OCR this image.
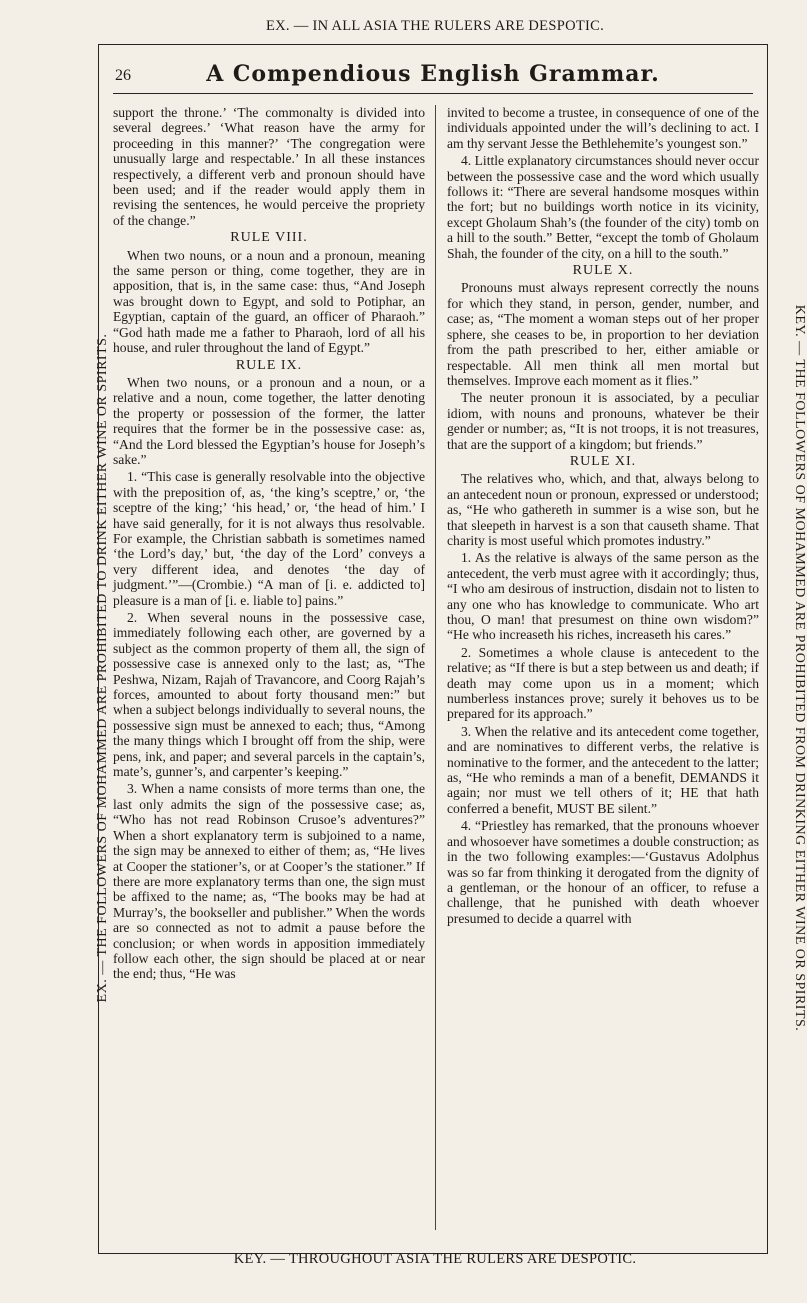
EX. — IN ALL ASIA THE RULERS ARE DESPOTIC.
EX. — THE FOLLOWERS OF MOHAMMED ARE PROHIBITED TO DRINK EITHER WINE OR SPIRITS.	KEY. — THE FOLLOWERS OF MOHAMMED ARE PROHIBITED FROM DRINKING EITHER WINE OR SPIRITS.
26	A Compendious English Grammar.

support the throne.’ ‘The commonalty is divided into several degrees.’ ‘What reason have the army for proceeding in this manner?’ ‘The congregation were unusually large and respectable.’ In all these instances respectively, a different verb and pronoun should have been used; and if the reader would apply them in revising the sentences, he would perceive the propriety of the change.”

RULE VIII.

When two nouns, or a noun and a pronoun, meaning the same person or thing, come together, they are in apposition, that is, in the same case: thus, “And Joseph was brought down to Egypt, and sold to Potiphar, an Egyptian, captain of the guard, an officer of Pharaoh.” “God hath made me a father to Pharaoh, lord of all his house, and ruler throughout the land of Egypt.”

RULE IX.

When two nouns, or a pronoun and a noun, or a relative and a noun, come together, the latter denoting the property or possession of the former, the latter requires that the former be in the possessive case: as, “And the Lord blessed the Egyptian’s house for Joseph’s sake.”

1. “This case is generally resolvable into the objective with the preposition of, as, ‘the king’s sceptre,’ or, ‘the sceptre of the king;’ ‘his head,’ or, ‘the head of him.’ I have said generally, for it is not always thus resolvable. For example, the Christian sabbath is sometimes named ‘the Lord’s day,’ but, ‘the day of the Lord’ conveys a very different idea, and denotes ‘the day of judgment.’”—(Crombie.) “A man of [i. e. addicted to] pleasure is a man of [i. e. liable to] pains.”

2. When several nouns in the possessive case, immediately following each other, are governed by a subject as the common property of them all, the sign of possessive case is annexed only to the last; as, “The Peshwa, Nizam, Rajah of Travancore, and Coorg Rajah’s forces, amounted to about forty thousand men:” but when a subject belongs individually to several nouns, the possessive sign must be annexed to each; thus, “Among the many things which I brought off from the ship, were pens, ink, and paper; and several parcels in the captain’s, mate’s, gunner’s, and carpenter’s keeping.”

3. When a name consists of more terms than one, the last only admits the sign of the possessive case; as, “Who has not read Robinson Crusoe’s adventures?” When a short explanatory term is subjoined to a name, the sign may be annexed to either of them; as, “He lives at Cooper the stationer’s, or at Cooper’s the stationer.” If there are more explanatory terms than one, the sign must be affixed to the name; as, “The books may be had at Murray’s, the bookseller and publisher.” When the words are so connected as not to admit a pause before the conclusion; or when words in apposition immediately follow each other, the sign should be placed at or near the end; thus, “He was

invited to become a trustee, in consequence of one of the individuals appointed under the will’s declining to act. I am thy servant Jesse the Bethlehemite’s youngest son.”

4. Little explanatory circumstances should never occur between the possessive case and the word which usually follows it: “There are several handsome mosques within the fort; but no buildings worth notice in its vicinity, except Gholaum Shah’s (the founder of the city) tomb on a hill to the south.” Better, “except the tomb of Gholaum Shah, the founder of the city, on a hill to the south.”

RULE X.

Pronouns must always represent correctly the nouns for which they stand, in person, gender, number, and case; as, “The moment a woman steps out of her proper sphere, she ceases to be, in proportion to her deviation from the path prescribed to her, either amiable or respectable. All men think all men mortal but themselves. Improve each moment as it flies.”

The neuter pronoun it is associated, by a peculiar idiom, with nouns and pronouns, whatever be their gender or number; as, “It is not troops, it is not treasures, that are the support of a kingdom; but friends.”

RULE XI.

The relatives who, which, and that, always belong to an antecedent noun or pronoun, expressed or understood; as, “He who gathereth in summer is a wise son, but he that sleepeth in harvest is a son that causeth shame. That charity is most useful which promotes industry.”

1. As the relative is always of the same person as the antecedent, the verb must agree with it accordingly; thus, “I who am desirous of instruction, disdain not to listen to any one who has knowledge to communicate. Who art thou, O man! that presumest on thine own wisdom?” “He who increaseth his riches, increaseth his cares.”

2. Sometimes a whole clause is antecedent to the relative; as “If there is but a step between us and death; if death may come upon us in a moment; which numberless instances prove; surely it behoves us to be prepared for its approach.”

3. When the relative and its antecedent come together, and are nominatives to different verbs, the relative is nominative to the former, and the antecedent to the latter; as, “He who reminds a man of a benefit, DEMANDS it again; nor must we tell others of it; HE that hath conferred a benefit, MUST BE silent.”

4. “Priestley has remarked, that the pronouns whoever and whosoever have sometimes a double construction; as in the two following examples:—‘Gustavus Adolphus was so far from thinking it derogated from the dignity of a gentleman, or the honour of an officer, to refuse a challenge, that he punished with death whoever presumed to decide a quarrel with

KEY. — THROUGHOUT ASIA THE RULERS ARE DESPOTIC.
